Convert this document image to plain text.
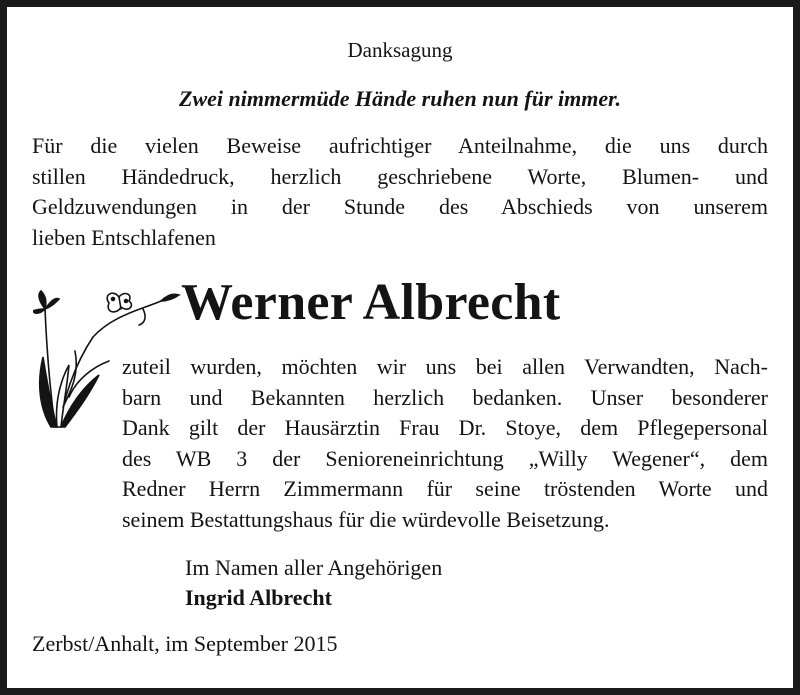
Danksagung
Zwei nimmermüde Hände ruhen nun für immer.
Für die vielen Beweise aufrichtiger Anteilnahme, die uns durch
stillen Händedruck, herzlich geschriebene Worte, Blumen- und
Geldzuwendungen in der Stunde des Abschieds von unserem
lieben Entschlafenen
Werner Albrecht
zuteil wurden, möchten wir uns bei allen Verwandten, Nach-
barn und Bekannten herzlich bedanken. Unser besonderer
Dank gilt der Hausärztin Frau Dr. Stoye, dem Pflegepersonal
des WB 3 der Senioreneinrichtung „Willy Wegener“, dem
Redner Herrn Zimmermann für seine tröstenden Worte und
seinem Bestattungshaus für die würdevolle Beisetzung.
Im Namen aller Angehörigen
Ingrid Albrecht
Zerbst/Anhalt, im September 2015
